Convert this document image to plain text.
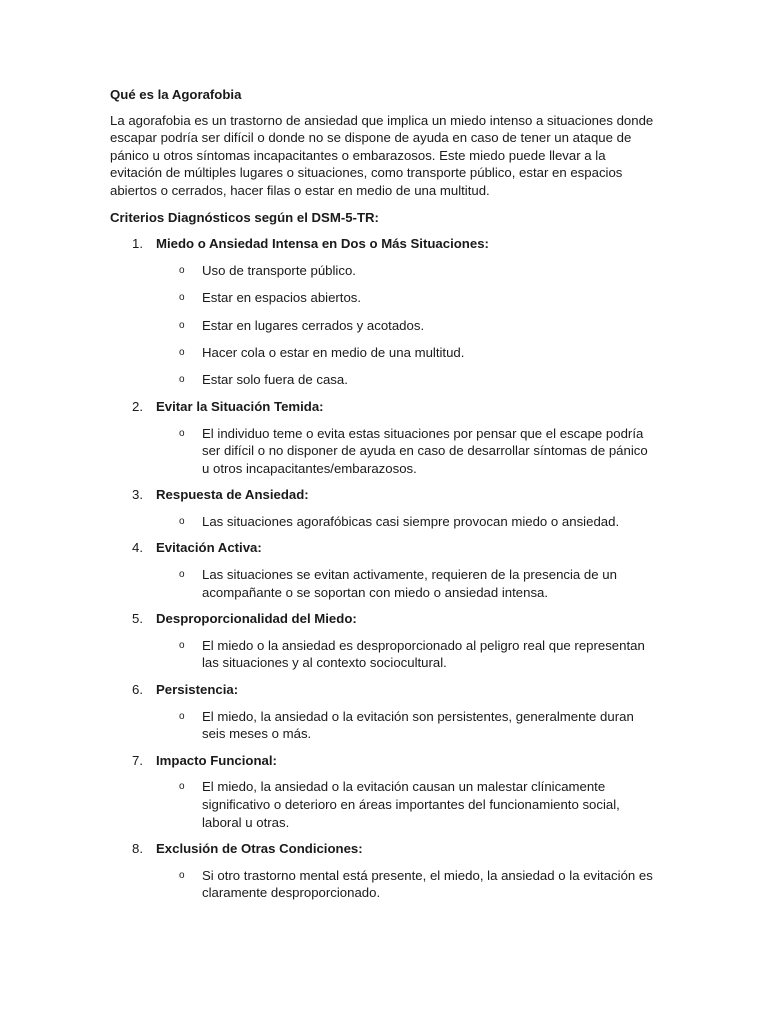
Qué es la Agorafobia

La agorafobia es un trastorno de ansiedad que implica un miedo intenso a situaciones donde escapar podría ser difícil o donde no se dispone de ayuda en caso de tener un ataque de pánico u otros síntomas incapacitantes o embarazosos. Este miedo puede llevar a la evitación de múltiples lugares o situaciones, como transporte público, estar en espacios abiertos o cerrados, hacer filas o estar en medio de una multitud.

Criterios Diagnósticos según el DSM-5-TR:
1. Miedo o Ansiedad Intensa en Dos o Más Situaciones:
o Uso de transporte público.
o Estar en espacios abiertos.
o Estar en lugares cerrados y acotados.
o Hacer cola o estar en medio de una multitud.
o Estar solo fuera de casa.
2. Evitar la Situación Temida:
o El individuo teme o evita estas situaciones por pensar que el escape podría ser difícil o no disponer de ayuda en caso de desarrollar síntomas de pánico u otros incapacitantes/embarazosos.
3. Respuesta de Ansiedad:
o Las situaciones agorafóbicas casi siempre provocan miedo o ansiedad.
4. Evitación Activa:
o Las situaciones se evitan activamente, requieren de la presencia de un acompañante o se soportan con miedo o ansiedad intensa.
5. Desproporcionalidad del Miedo:
o El miedo o la ansiedad es desproporcionado al peligro real que representan las situaciones y al contexto sociocultural.
6. Persistencia:
o El miedo, la ansiedad o la evitación son persistentes, generalmente duran seis meses o más.
7. Impacto Funcional:
o El miedo, la ansiedad o la evitación causan un malestar clínicamente significativo o deterioro en áreas importantes del funcionamiento social, laboral u otras.
8. Exclusión de Otras Condiciones:
o Si otro trastorno mental está presente, el miedo, la ansiedad o la evitación es claramente desproporcionado.
